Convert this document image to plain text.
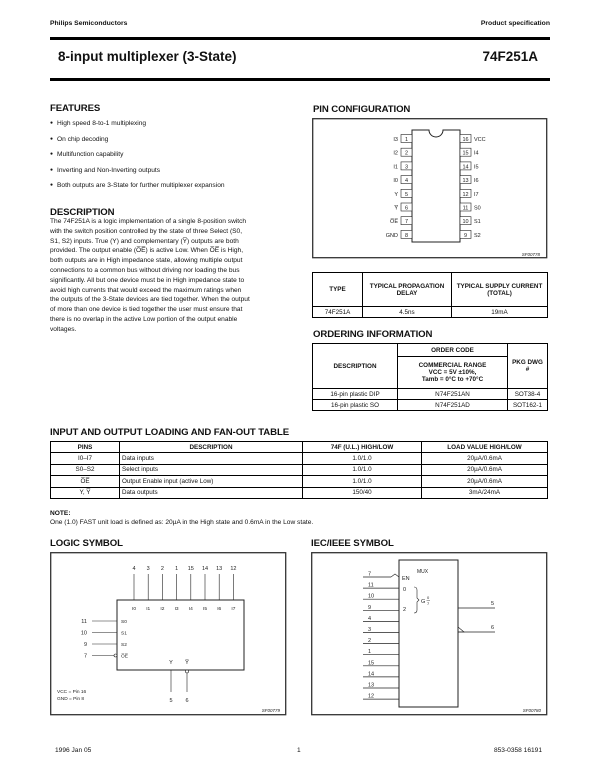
Philips Semiconductors	Product specification
8-input multiplexer (3-State)	74F251A
FEATURES
● High speed 8-to-1 multiplexing
● On chip decoding
● Multifunction capability
● Inverting and Non-Inverting outputs
● Both outputs are 3-State for further multiplexer expansion
DESCRIPTION
The 74F251A is a logic implementation of a single 8-position switch
with the switch position controlled by the state of three Select (S0,
S1, S2) inputs. True (Y) and complementary (Y̅) outputs are both
provided. The output enable (O̅E̅) is active Low. When O̅E̅ is High,
both outputs are in High impedance state, allowing multiple output
connections to a common bus without driving nor loading the bus
significantly. All but one device must be in High impedance state to
avoid high currents that would exceed the maximum ratings when
the outputs of the 3-State devices are tied together. When the output
of more than one device is tied together the user must ensure that
there is no overlap in the active Low portion of the output enable
voltages.
PIN CONFIGURATION
1
I3
2
I2
3
I1
4
I0
5
Y
6
Y̅
7
O̅E̅
8
GND
16 VCC
15 I4
14 I5
13 I6
12 I7
11 S0
10 S1
9 S2
SF00778
TYPE	TYPICAL PROPAGATION DELAY	TYPICAL SUPPLY CURRENT (TOTAL)
74F251A	4.5ns	19mA
ORDERING INFORMATION
DESCRIPTION	ORDER CODE	PKG DWG #

	COMMERCIAL RANGE
VCC = 5V ±10%,
Tamb = 0°C to +70°C	

16-pin plastic DIP	N74F251AN	SOT38-4
16-pin plastic SO	N74F251AD	SOT162-1
INPUT AND OUTPUT LOADING AND FAN-OUT TABLE
PINS	DESCRIPTION	74F (U.L.) HIGH/LOW	LOAD VALUE HIGH/LOW
I0–I7	Data inputs	1.0/1.0	20µA/0.6mA
S0–S2	Select inputs	1.0/1.0	20µA/0.6mA
O̅E̅	Output Enable input (active Low)	1.0/1.0	20µA/0.6mA
Y, Y̅	Data outputs	150/40	3mA/24mA
NOTE:
One (1.0) FAST unit load is defined as: 20µA in the High state and 0.6mA in the Low state.
LOGIC SYMBOL
4
I0
3
I1
2
I2
1
I3
15
I4
14
I5
13
I6
12
I7
11	S0
10	S1
9	S2
7	O̅E̅
Y
5
Y̅
6
VCC = Pin 16
GND = Pin 8
SF00779
IEC/IEEE SYMBOL
7
11
10
9
4
3
2
1
15
14
13
12
MUX
EN
0
2
G
0
7	5
6
SF00780
1996 Jan 05	1	853-0358 16191
